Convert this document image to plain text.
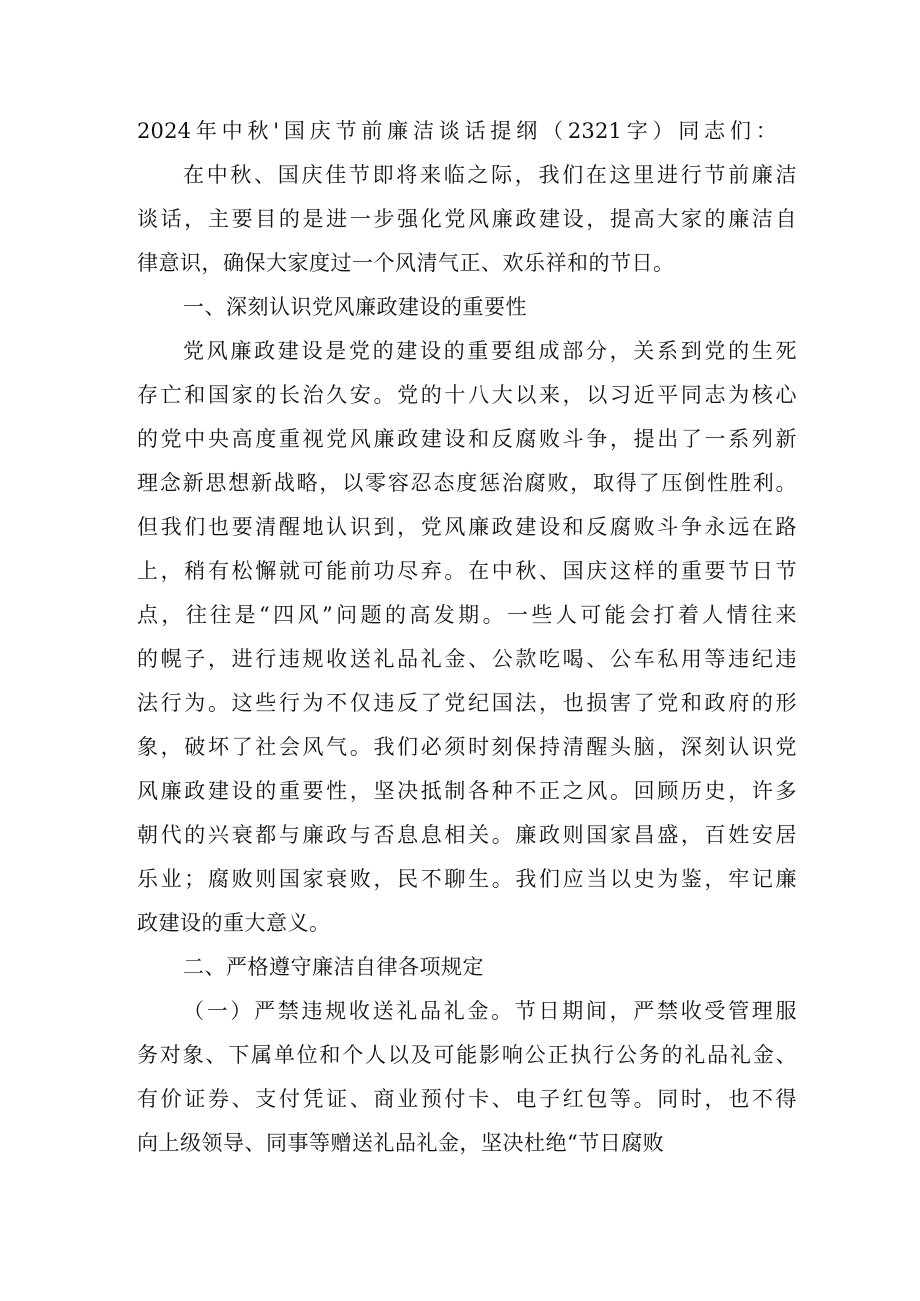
2024年中秋'国庆节前廉洁谈话提纲（2321字）同志们：
在中秋、国庆佳节即将来临之际，我们在这里进行节前廉洁
谈话，主要目的是进一步强化党风廉政建设，提高大家的廉洁自
律意识，确保大家度过一个风清气正、欢乐祥和的节日。
一、深刻认识党风廉政建设的重要性
党风廉政建设是党的建设的重要组成部分，关系到党的生死
存亡和国家的长治久安。党的十八大以来，以习近平同志为核心
的党中央高度重视党风廉政建设和反腐败斗争，提出了一系列新
理念新思想新战略，以零容忍态度惩治腐败，取得了压倒性胜利。
但我们也要清醒地认识到，党风廉政建设和反腐败斗争永远在路
上，稍有松懈就可能前功尽弃。在中秋、国庆这样的重要节日节
点，往往是“四风”问题的高发期。一些人可能会打着人情往来
的幌子，进行违规收送礼品礼金、公款吃喝、公车私用等违纪违
法行为。这些行为不仅违反了党纪国法，也损害了党和政府的形
象，破坏了社会风气。我们必须时刻保持清醒头脑，深刻认识党
风廉政建设的重要性，坚决抵制各种不正之风。回顾历史，许多
朝代的兴衰都与廉政与否息息相关。廉政则国家昌盛，百姓安居
乐业；腐败则国家衰败，民不聊生。我们应当以史为鉴，牢记廉
政建设的重大意义。
二、严格遵守廉洁自律各项规定
（一）严禁违规收送礼品礼金。节日期间，严禁收受管理服
务对象、下属单位和个人以及可能影响公正执行公务的礼品礼金、
有价证券、支付凭证、商业预付卡、电子红包等。同时，也不得
向上级领导、同事等赠送礼品礼金，坚决杜绝“节日腐败
